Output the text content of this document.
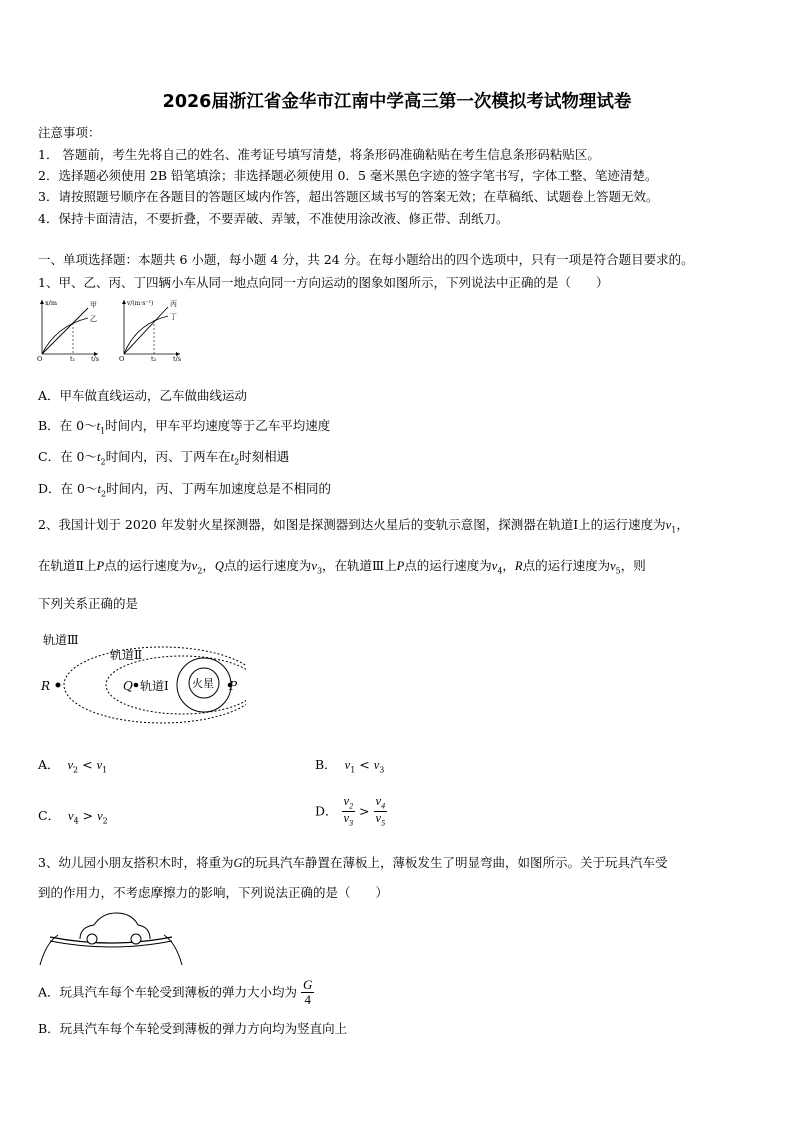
2026届浙江省金华市江南中学高三第一次模拟考试物理试卷
注意事项：
1． 答题前，考生先将自己的姓名、准考证号填写清楚，将条形码准确粘贴在考生信息条形码粘贴区。
2．选择题必须使用 2B 铅笔填涂；非选择题必须使用 0．5 毫米黑色字迹的签字笔书写，字体工整、笔迹清楚。
3．请按照题号顺序在各题目的答题区域内作答，超出答题区域书写的答案无效；在草稿纸、试题卷上答题无效。
4．保持卡面清洁，不要折叠，不要弄破、弄皱，不准使用涂改液、修正带、刮纸刀。
一、单项选择题：本题共 6 小题，每小题 4 分，共 24 分。在每小题给出的四个选项中，只有一项是符合题目要求的。
1、甲、乙、丙、丁四辆小车从同一地点向同一方向运动的图象如图所示，下列说法中正确的是（　　）
x/m	甲
乙
O	t₁ t/s
v/(m·s⁻¹) 丙
丁
O	t₂	t/s
A．甲车做直线运动，乙车做曲线运动
B．在 $0\sim t_1$时间内，甲车平均速度等于乙车平均速度
C．在 $0\sim t_2$时间内，丙、丁两车在$t_2$时刻相遇
D．在 $0\sim t_2$时间内，丙、丁两车加速度总是不相同的
2、我国计划于 2020 年发射火星探测器，如图是探测器到达火星后的变轨示意图，探测器在轨道Ⅰ上的运行速度为$v_1$，
在轨道Ⅱ上P点的运行速度为$v_2$，Q点的运行速度为$v_3$，在轨道Ⅲ上P点的运行速度为$v_4$，R点的运行速度为$v_5$，则
下列关系正确的是
轨道Ⅲ
轨道Ⅱ
轨道Ⅰ 火星
R	Q	P
A． $v_2 < v_1$	B． $v_1 < v_3$
C． $v_4 > v_2$
D． $\frac{v_2}{v_3} > \frac{v_4}{v_5}$
3、幼儿园小朋友搭积木时，将重为G的玩具汽车静置在薄板上，薄板发生了明显弯曲，如图所示。关于玩具汽车受
到的作用力，不考虑摩擦力的影响，下列说法正确的是（　　）
A．玩具汽车每个车轮受到薄板的弹力大小均为 $\frac{G}{4}$
B．玩具汽车每个车轮受到薄板的弹力方向均为竖直向上
